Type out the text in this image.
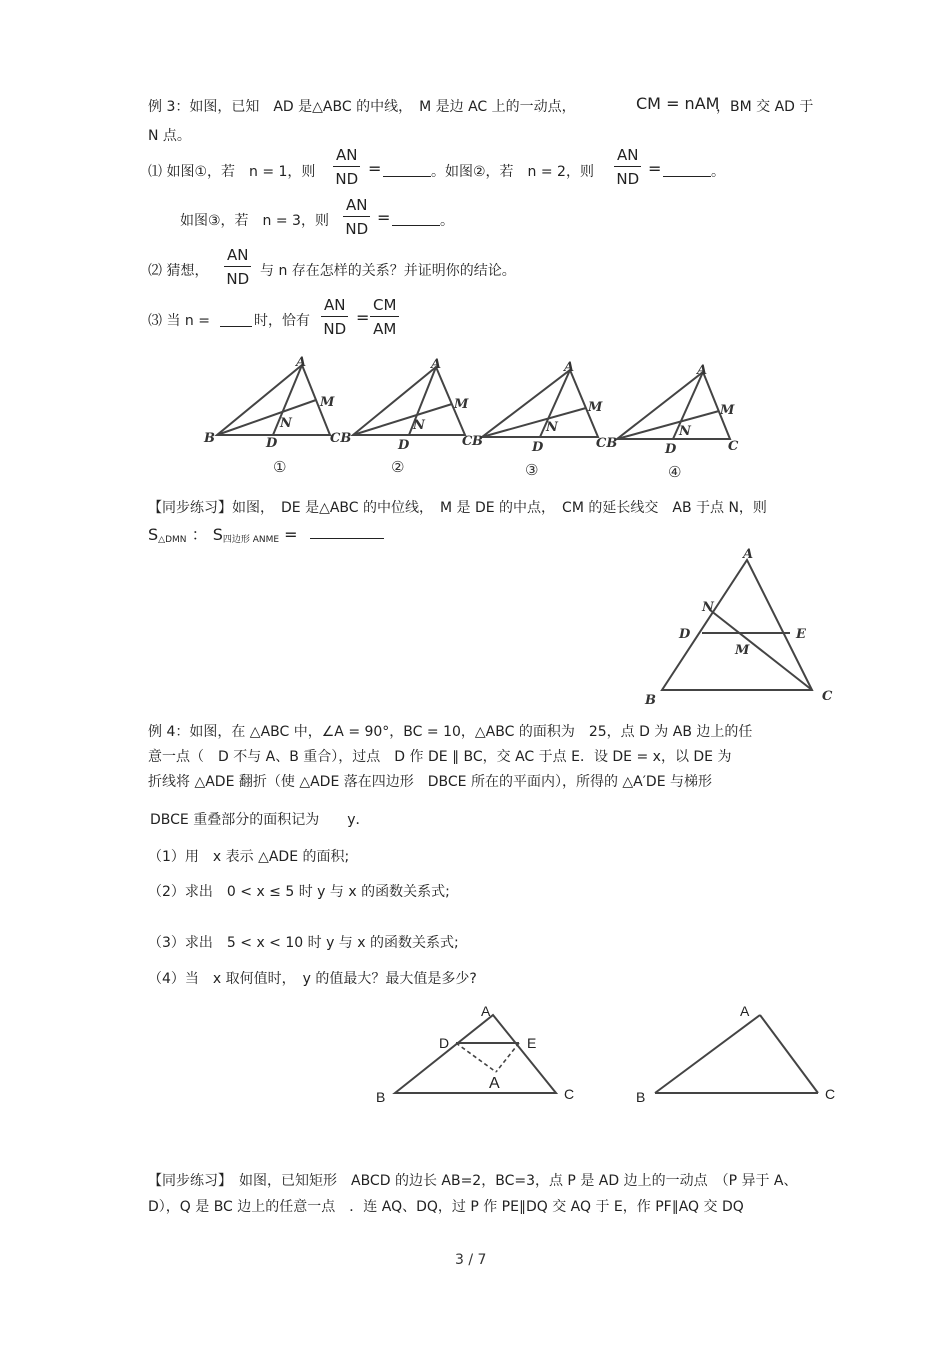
例 3：如图，已知　AD 是△ABC 的中线，　M 是边 AC 上的一动点，	CM = nAM
，BM 交 AD 于
N 点。
⑴ 如图①，若　n = 1，则 $\frac{AN}{ND}$ =	。如图②，若　n = 2，则 $\frac{AN}{ND}$ =	。
如图③，若　n = 3，则 $\frac{AN}{ND}$ =	。
⑵ 猜想， $\frac{AN}{ND}$ 与 n 存在怎样的关系？并证明你的结论。
⑶ 当 n =	时，恰有 $\frac{AN}{ND} = \frac{CM}{AM}$
A
M
N
B	D	CB
A
M
N
D	C B
A
M
N
D	CB
A
M
N
D	C
①	②	③	④
【同步练习】如图，　DE 是△ABC 的中位线，　M 是 DE 的中点，　CM 的延长线交　AB 于点 N，则
$S_{\triangle DMN}$ ： $S_{四边形 ANME}$ =
A
N
D	E
M
B	C
例 4：如图，在 △ABC 中，∠A = 90°，BC = 10，△ABC 的面积为　25，点 D 为 AB 边上的任
意一点（　D 不与 A、B 重合），过点　D 作 DE ∥ BC，交 AC 于点 E．设 DE = x，以 DE 为
折线将 △ADE 翻折（使 △ADE 落在四边形　DBCE 所在的平面内），所得的 △A′DE 与梯形
DBCE 重叠部分的面积记为　　y．
（1）用　x 表示 △ADE 的面积;
（2）求出　0 < x ≤ 5 时 y 与 x 的函数关系式;
（3）求出　5 < x < 10 时 y 与 x 的函数关系式;
（4）当　x 取何值时，　y 的值最大？最大值是多少?
A
D	E
A
B	C
A
B	C
【同步练习】　如图，已知矩形　ABCD 的边长 AB=2，BC=3，点 P 是 AD 边上的一动点　（P 异于 A、
D），Q 是 BC 边上的任意一点　．连 AQ、DQ，过 P 作 PE∥DQ 交 AQ 于 E，作 PF∥AQ 交 DQ
3 / 7
